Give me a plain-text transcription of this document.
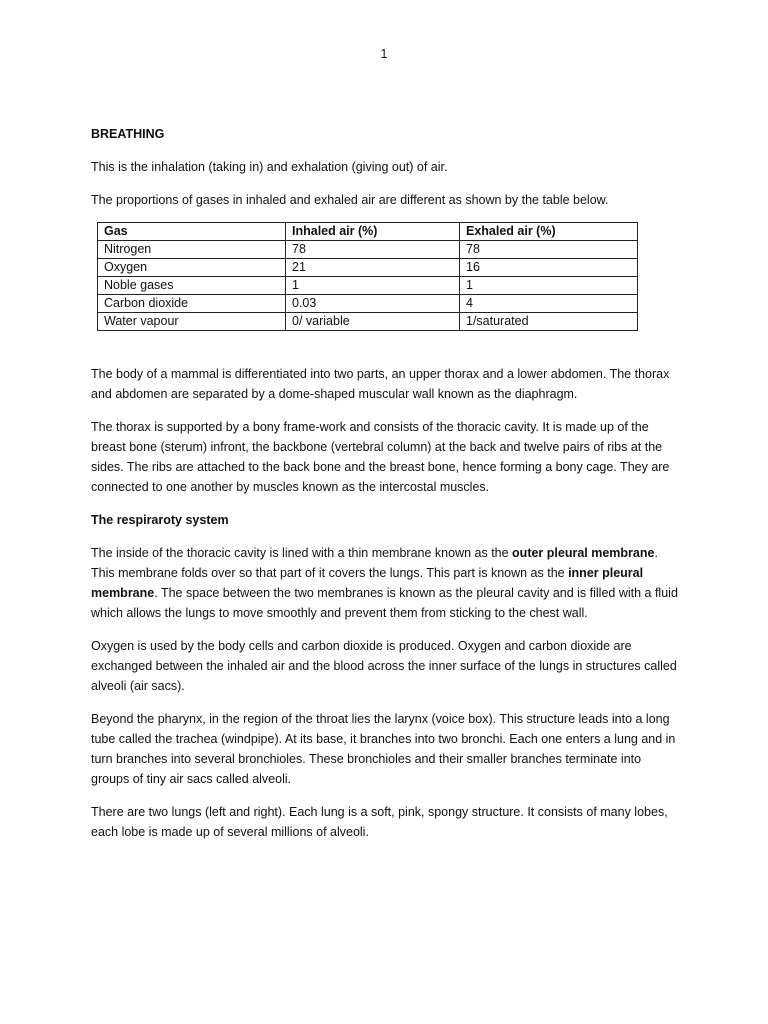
1

BREATHING

This is the inhalation (taking in) and exhalation (giving out) of air.

The proportions of gases in inhaled and exhaled air are different as shown by the table below.

Gas	Inhaled air (%)	Exhaled air (%)
Nitrogen	78	78
Oxygen	21	16
Noble gases	1	1
Carbon dioxide	0.03	4
Water vapour	0/ variable	1/saturated

The body of a mammal is differentiated into two parts, an upper thorax and a lower abdomen. The thorax and abdomen are separated by a dome-shaped muscular wall known as the diaphragm.

The thorax is supported by a bony frame-work and consists of the thoracic cavity. It is made up of the breast bone (sterum) infront, the backbone (vertebral column) at the back and twelve pairs of ribs at the sides. The ribs are attached to the back bone and the breast bone, hence forming a bony cage. They are connected to one another by muscles known as the intercostal muscles.

The respiraroty system

The inside of the thoracic cavity is lined with a thin membrane known as the outer pleural membrane. This membrane folds over so that part of it covers the lungs. This part is known as the inner pleural membrane. The space between the two membranes is known as the pleural cavity and is filled with a fluid which allows the lungs to move smoothly and prevent them from sticking to the chest wall.

Oxygen is used by the body cells and carbon dioxide is produced. Oxygen and carbon dioxide are exchanged between the inhaled air and the blood across the inner surface of the lungs in structures called alveoli (air sacs).

Beyond the pharynx, in the region of the throat lies the larynx (voice box). This structure leads into a long tube called the trachea (windpipe). At its base, it branches into two bronchi. Each one enters a lung and in turn branches into several bronchioles. These bronchioles and their smaller branches terminate into groups of tiny air sacs called alveoli.

There are two lungs (left and right). Each lung is a soft, pink, spongy structure. It consists of many lobes, each lobe is made up of several millions of alveoli.
